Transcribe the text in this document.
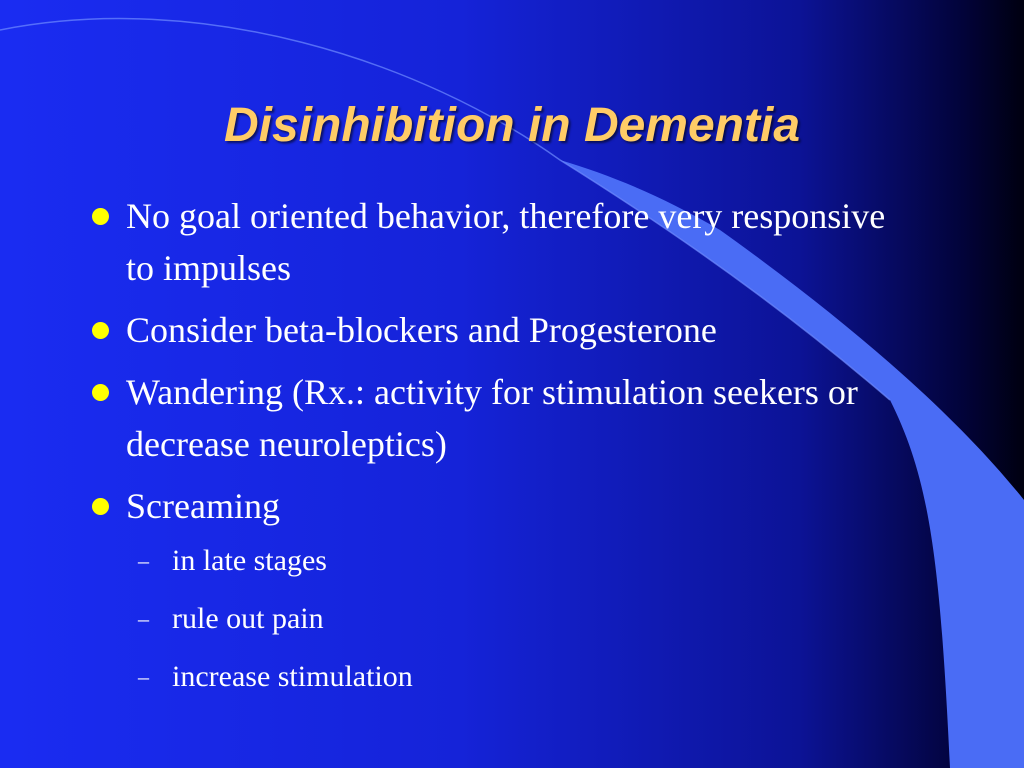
Disinhibition in Dementia
No goal oriented behavior, therefore very responsive to impulses
Consider beta-blockers and Progesterone
Wandering (Rx.: activity for stimulation seekers or decrease neuroleptics)
Screaming
– in late stages
– rule out pain
– increase stimulation
